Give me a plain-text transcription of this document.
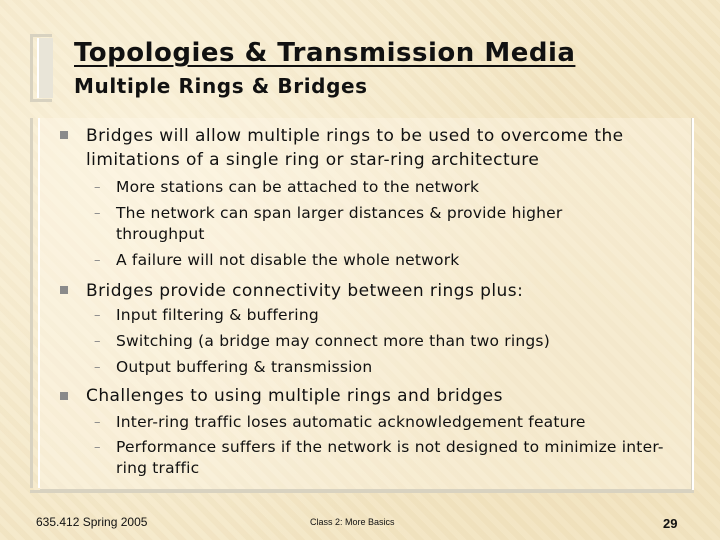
Topologies & Transmission Media
Multiple Rings & Bridges
Bridges will allow multiple rings to be used to overcome the limitations of a single ring or star-ring architecture
– More stations can be attached to the network
– The network can span larger distances & provide higher throughput
– A failure will not disable the whole network
Bridges provide connectivity between rings plus:
– Input filtering & buffering
– Switching (a bridge may connect more than two rings)
– Output buffering & transmission
Challenges to using multiple rings and bridges
– Inter-ring traffic loses automatic acknowledgement feature
– Performance suffers if the network is not designed to minimize inter-ring traffic
635.412 Spring 2005	Class 2: More Basics	29
